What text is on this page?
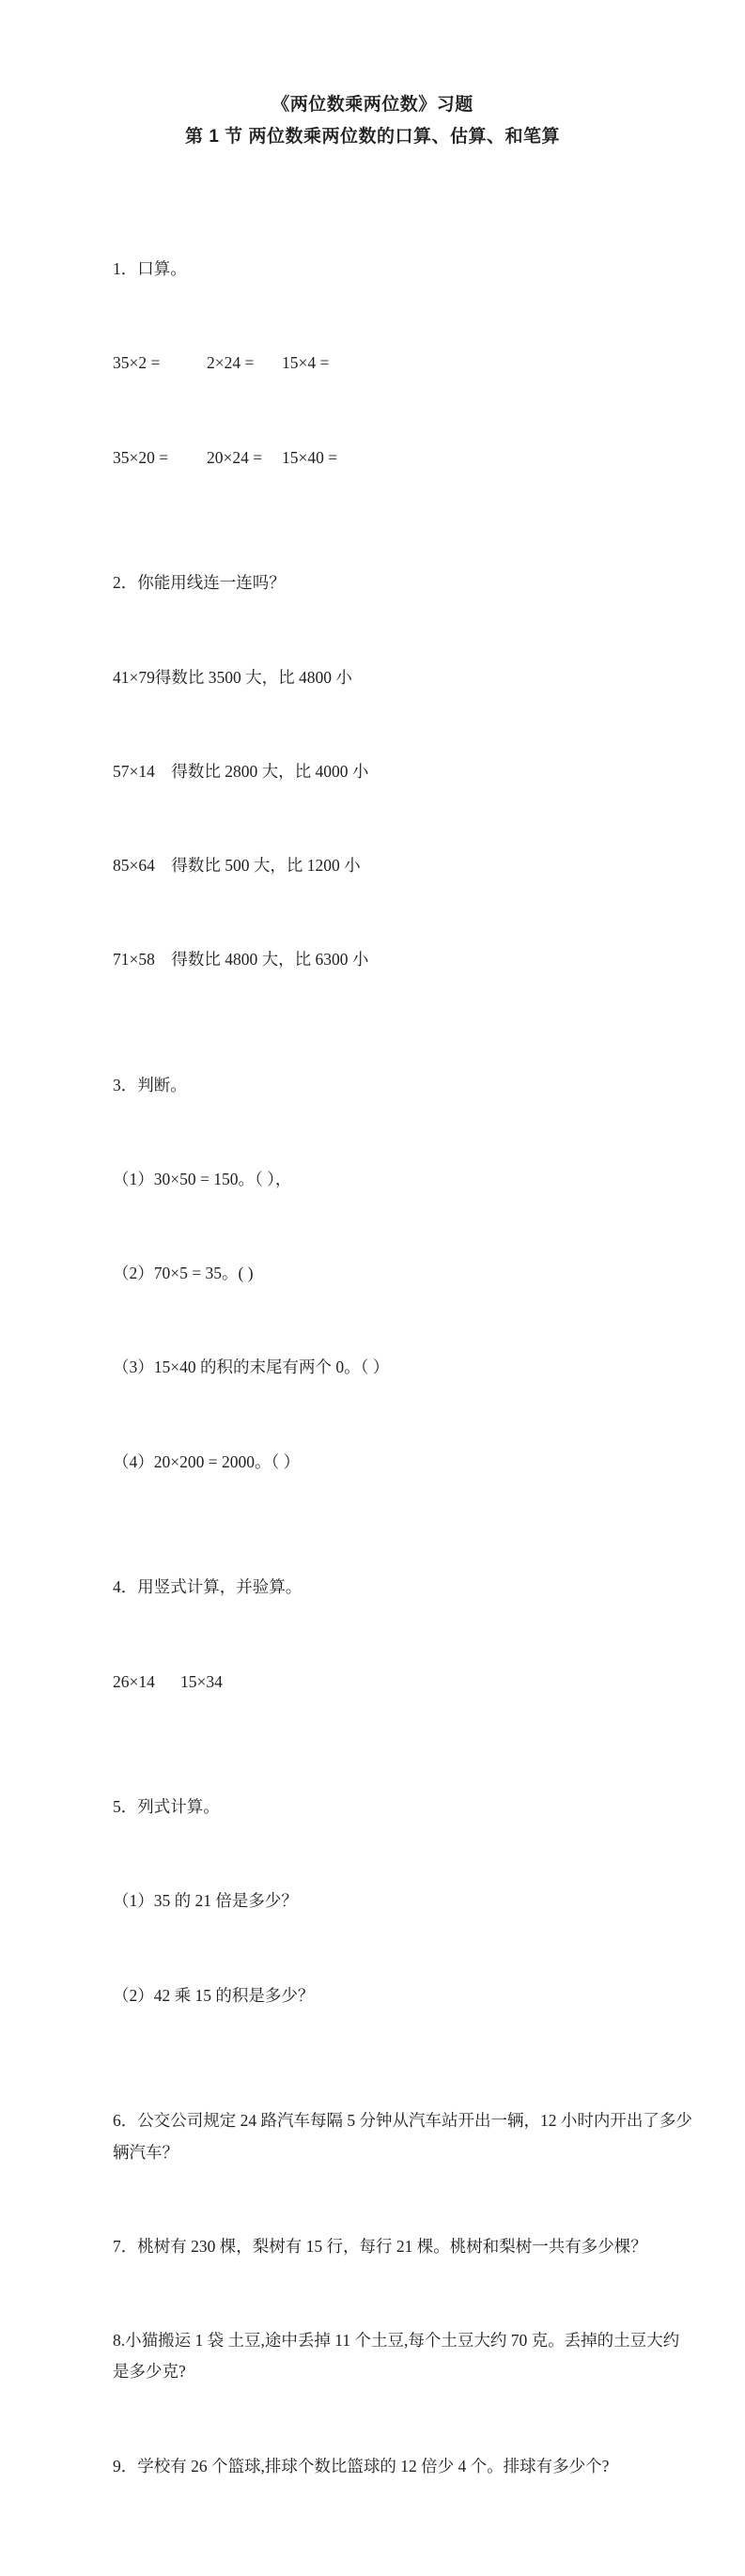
《两位数乘两位数》习题
第 1 节 两位数乘两位数的口算、估算、和笔算

1．口算。

35×2 =	2×24 =	15×4 =

35×20 =	20×24 =	15×40 =

2．你能用线连一连吗？

41×79得数比 3500 大，比 4800 小

57×14　得数比 2800 大，比 4000 小

85×64　得数比 500 大，比 1200 小

71×58　得数比 4800 大，比 6300 小

3．判断。

（1）30×50 = 150。（ ），

（2）70×5 = 35。( )

（3）15×40 的积的末尾有两个 0。（ ）

（4）20×200 = 2000。（ ）

4．用竖式计算，并验算。

26×14	15×34

5．列式计算。

（1）35 的 21 倍是多少？

（2）42 乘 15 的积是多少？

6．公交公司规定 24 路汽车每隔 5 分钟从汽车站开出一辆，12 小时内开出了多少
辆汽车？

7．桃树有 230 棵，梨树有 15 行，每行 21 棵。桃树和梨树一共有多少棵？

8.小猫搬运 1 袋 土豆,途中丢掉 11 个土豆,每个土豆大约 70 克。丢掉的土豆大约
是多少克?

9．学校有 26 个篮球,排球个数比篮球的 12 倍少 4 个。排球有多少个?
